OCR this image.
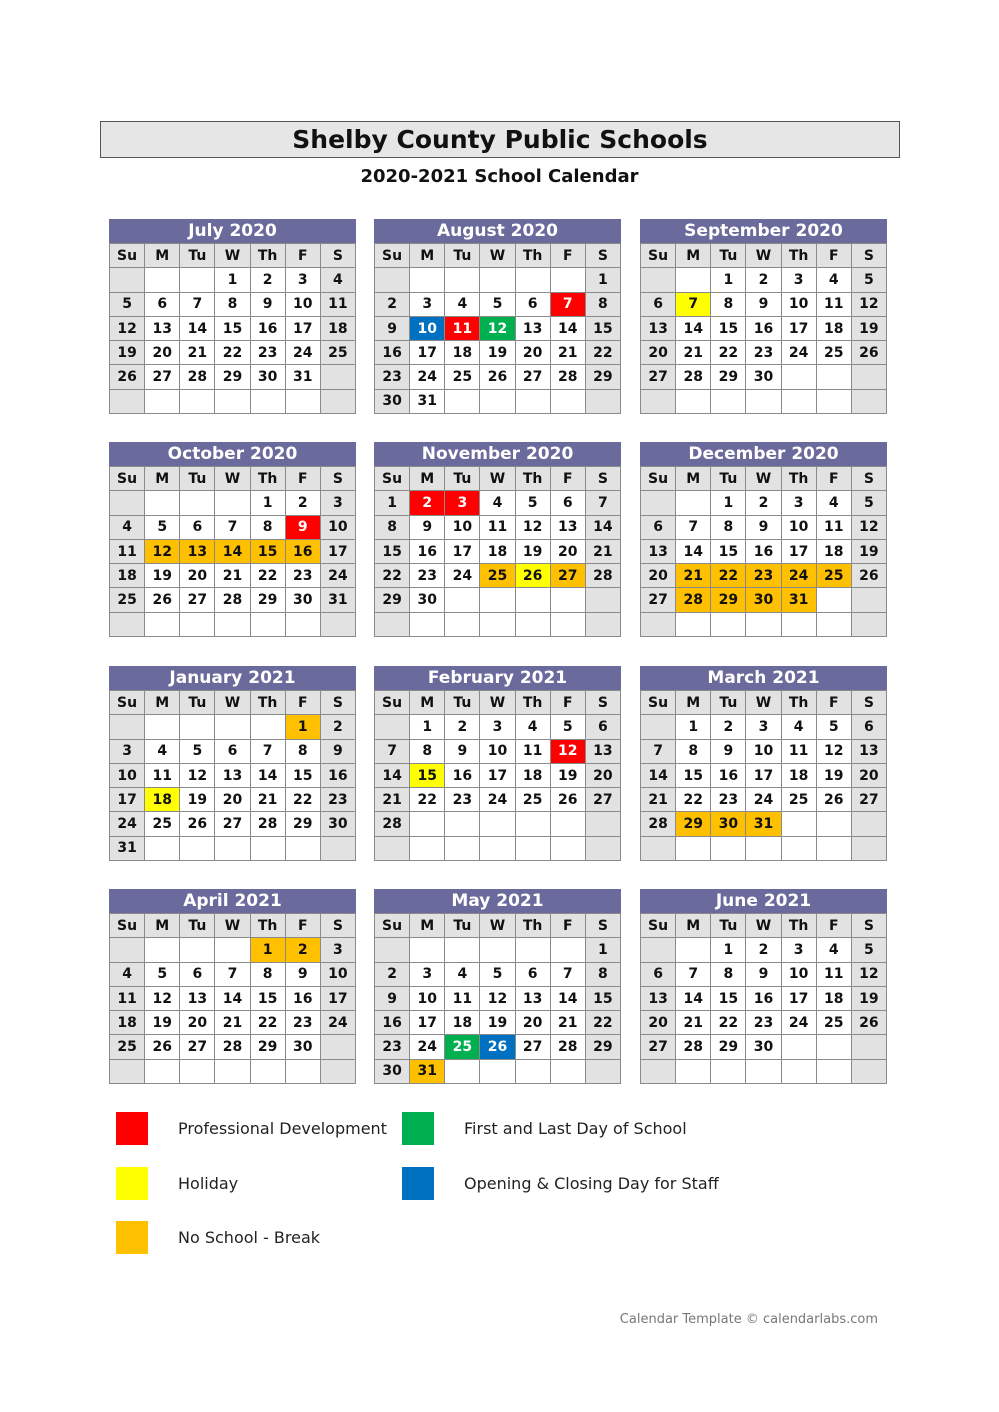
Shelby County Public Schools
2020-2021 School Calendar
July 2020
Su	M	Tu	W	Th	F	S
			1	2	3	4
5	6	7	8	9	10	11
12	13	14	15	16	17	18
19	20	21	22	23	24	25
26	27	28	29	30	31	

August 2020
Su	M	Tu	W	Th	F	S
						1
2	3	4	5	6	7	8
9	10	11	12	13	14	15
16	17	18	19	20	21	22
23	24	25	26	27	28	29
30	31					
September 2020
Su	M	Tu	W	Th	F	S
		1	2	3	4	5
6	7	8	9	10	11	12
13	14	15	16	17	18	19
20	21	22	23	24	25	26
27	28	29	30			

October 2020
Su	M	Tu	W	Th	F	S
				1	2	3
4	5	6	7	8	9	10
11	12	13	14	15	16	17
18	19	20	21	22	23	24
25	26	27	28	29	30	31

November 2020
Su	M	Tu	W	Th	F	S
1	2	3	4	5	6	7
8	9	10	11	12	13	14
15	16	17	18	19	20	21
22	23	24	25	26	27	28
29	30					

December 2020
Su	M	Tu	W	Th	F	S
		1	2	3	4	5
6	7	8	9	10	11	12
13	14	15	16	17	18	19
20	21	22	23	24	25	26
27	28	29	30	31		

January 2021
Su	M	Tu	W	Th	F	S
					1	2
3	4	5	6	7	8	9
10	11	12	13	14	15	16
17	18	19	20	21	22	23
24	25	26	27	28	29	30
31						
February 2021
Su	M	Tu	W	Th	F	S
	1	2	3	4	5	6
7	8	9	10	11	12	13
14	15	16	17	18	19	20
21	22	23	24	25	26	27
28						

March 2021
Su	M	Tu	W	Th	F	S
	1	2	3	4	5	6
7	8	9	10	11	12	13
14	15	16	17	18	19	20
21	22	23	24	25	26	27
28	29	30	31			

April 2021
Su	M	Tu	W	Th	F	S
				1	2	3
4	5	6	7	8	9	10
11	12	13	14	15	16	17
18	19	20	21	22	23	24
25	26	27	28	29	30	

May 2021
Su	M	Tu	W	Th	F	S
						1
2	3	4	5	6	7	8
9	10	11	12	13	14	15
16	17	18	19	20	21	22
23	24	25	26	27	28	29
30	31					
June 2021
Su	M	Tu	W	Th	F	S
		1	2	3	4	5
6	7	8	9	10	11	12
13	14	15	16	17	18	19
20	21	22	23	24	25	26
27	28	29	30			

Professional Development
Holiday
No School - Break
First and Last Day of School
Opening & Closing Day for Staff
Calendar Template © calendarlabs.com
